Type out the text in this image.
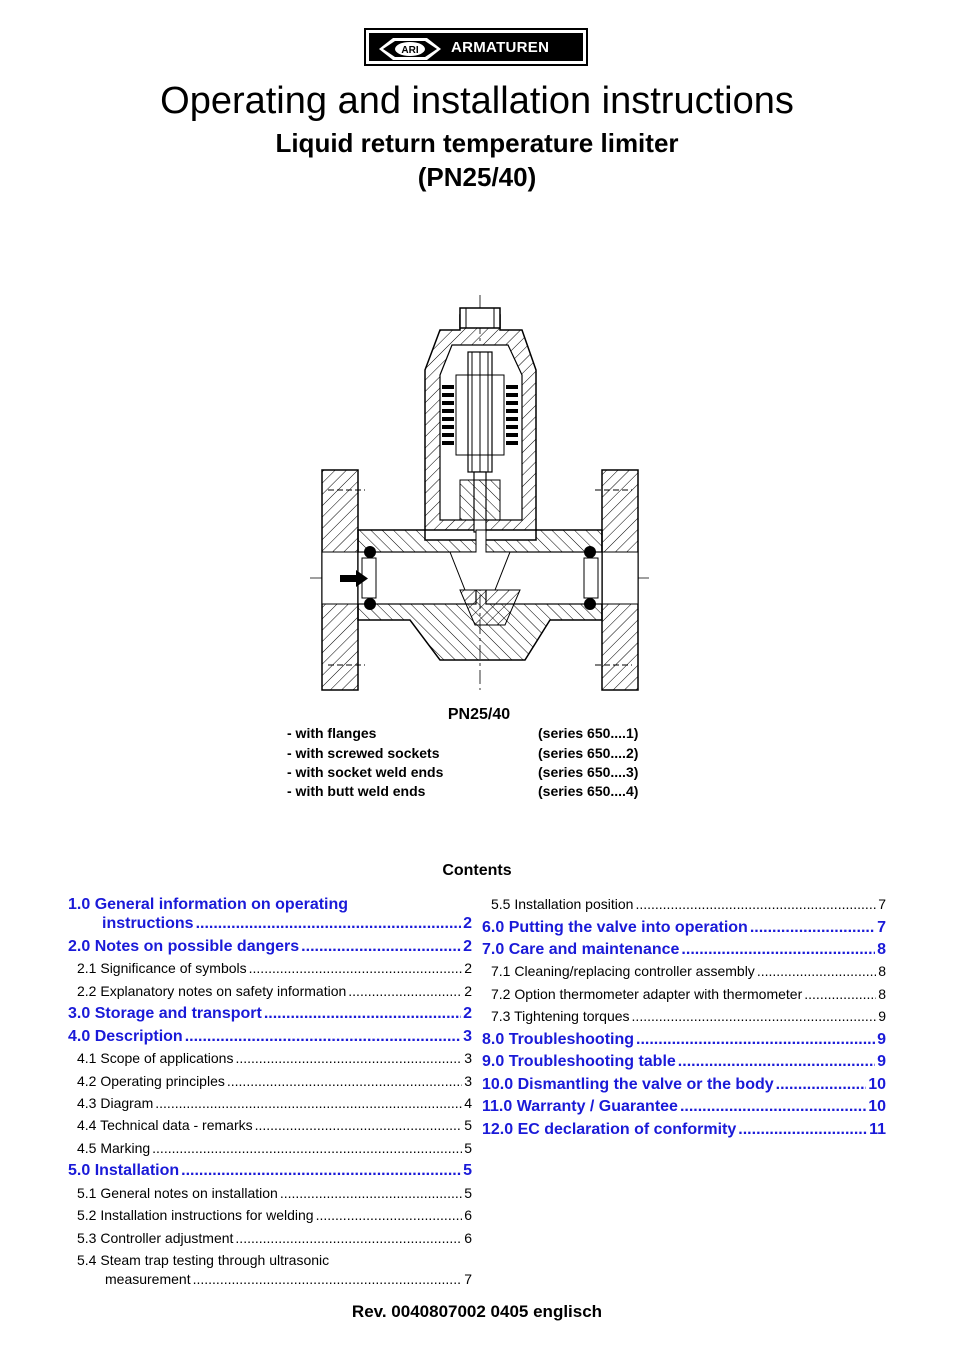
ARI ARMATUREN
Operating and installation instructions
Liquid return temperature limiter
(PN25/40)
PN25/40
- with flanges	(series 650....1)
- with screwed sockets	(series 650....2)
- with socket weld ends	(series 650....3)
- with butt weld ends	(series 650....4)
Contents
1.0 General information on operating
instructions .....	2
2.0 Notes on possible dangers .....	2
2.1 Significance of symbols .....	2
2.2 Explanatory notes on safety information .....	2
3.0 Storage and transport .....	2
4.0 Description .....	3
4.1 Scope of applications .....	3
4.2 Operating principles .....	3
4.3 Diagram .....	4
4.4 Technical data - remarks .....	5
4.5 Marking .....	5
5.0 Installation .....	5
5.1 General notes on installation .....	5
5.2 Installation instructions for welding .....	6
5.3 Controller adjustment .....	6
5.4 Steam trap testing through ultrasonic
measurement .....	7
5.5 Installation position .....	7
6.0 Putting the valve into operation .....	7
7.0 Care and maintenance .....	8
7.1 Cleaning/replacing controller assembly .....	8
7.2 Option thermometer adapter with thermometer .....	8
7.3 Tightening torques .....	9
8.0 Troubleshooting .....	9
9.0 Troubleshooting table .....	9
10.0 Dismantling the valve or the body .....	10
11.0 Warranty / Guarantee .....	10
12.0 EC declaration of conformity .....	11
Rev. 0040807002 0405 englisch
